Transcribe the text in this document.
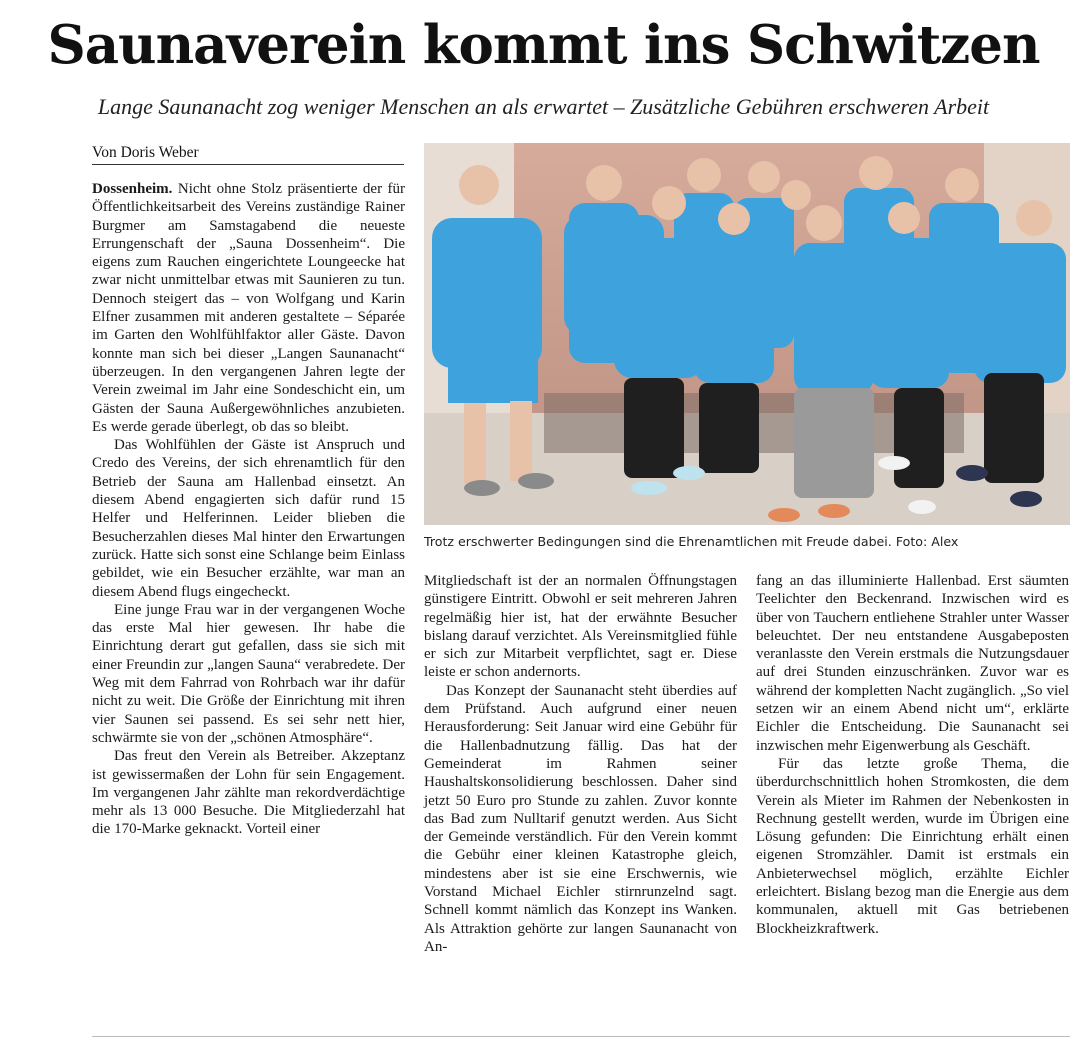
Saunaverein kommt ins Schwitzen

Lange Saunanacht zog weniger Menschen an als erwartet – Zusätzliche Gebühren erschweren Arbeit

Von Doris Weber

Dossenheim. Nicht ohne Stolz präsentierte der für Öffentlichkeitsarbeit des Vereins zuständige Rainer Burgmer am Samstagabend die neueste Errungenschaft der „Sauna Dossenheim“. Die eigens zum Rauchen eingerichtete Loungeecke hat zwar nicht unmittelbar etwas mit Saunieren zu tun. Dennoch steigert das – von Wolfgang und Karin Elfner zusammen mit anderen gestaltete – Séparée im Garten den Wohlfühlfaktor aller Gäste. Davon konnte man sich bei dieser „Langen Saunanacht“ überzeugen. In den vergangenen Jahren legte der Verein zweimal im Jahr eine Sondeschicht ein, um Gästen der Sauna Außergewöhnliches anzubieten. Es werde gerade überlegt, ob das so bleibt.

Das Wohlfühlen der Gäste ist Anspruch und Credo des Vereins, der sich ehrenamtlich für den Betrieb der Sauna am Hallenbad einsetzt. An diesem Abend engagierten sich dafür rund 15 Helfer und Helferinnen. Leider blieben die Besucherzahlen dieses Mal hinter den Erwartungen zurück. Hatte sich sonst eine Schlange beim Einlass gebildet, wie ein Besucher erzählte, war man an diesem Abend flugs eingecheckt.

Eine junge Frau war in der vergangenen Woche das erste Mal hier gewesen. Ihr habe die Einrichtung derart gut gefallen, dass sie sich mit einer Freundin zur „langen Sauna“ verabredete. Der Weg mit dem Fahrrad von Rohrbach war ihr dafür nicht zu weit. Die Größe der Einrichtung mit ihren vier Saunen sei passend. Es sei sehr nett hier, schwärmte sie von der „schönen Atmosphäre“.

Das freut den Verein als Betreiber. Akzeptanz ist gewissermaßen der Lohn für sein Engagement. Im vergangenen Jahr zählte man rekordverdächtige mehr als 13 000 Besuche. Die Mitgliederzahl hat die 170-Marke geknackt. Vorteil einer

Trotz erschwerter Bedingungen sind die Ehrenamtlichen mit Freude dabei. Foto: Alex

Mitgliedschaft ist der an normalen Öffnungstagen günstigere Eintritt. Obwohl er seit mehreren Jahren regelmäßig hier ist, hat der erwähnte Besucher bislang darauf verzichtet. Als Vereinsmitglied fühle er sich zur Mitarbeit verpflichtet, sagt er. Diese leiste er schon andernorts.

Das Konzept der Saunanacht steht überdies auf dem Prüfstand. Auch aufgrund einer neuen Herausforderung: Seit Januar wird eine Gebühr für die Hallenbadnutzung fällig. Das hat der Gemeinderat im Rahmen seiner Haushaltskonsolidierung beschlossen. Daher sind jetzt 50 Euro pro Stunde zu zahlen. Zuvor konnte das Bad zum Nulltarif genutzt werden. Aus Sicht der Gemeinde verständlich. Für den Verein kommt die Gebühr einer kleinen Katastrophe gleich, mindestens aber ist sie eine Erschwernis, wie Vorstand Michael Eichler stirnrunzelnd sagt. Schnell kommt nämlich das Konzept ins Wanken. Als Attraktion gehörte zur langen Saunanacht von An-

fang an das illuminierte Hallenbad. Erst säumten Teelichter den Beckenrand. Inzwischen wird es über von Tauchern entliehene Strahler unter Wasser beleuchtet. Der neu entstandene Ausgabeposten veranlasste den Verein erstmals die Nutzungsdauer auf drei Stunden einzuschränken. Zuvor war es während der kompletten Nacht zugänglich. „So viel setzen wir an einem Abend nicht um“, erklärte Eichler die Entscheidung. Die Saunanacht sei inzwischen mehr Eigenwerbung als Geschäft.

Für das letzte große Thema, die überdurchschnittlich hohen Stromkosten, die dem Verein als Mieter im Rahmen der Nebenkosten in Rechnung gestellt werden, wurde im Übrigen eine Lösung gefunden: Die Einrichtung erhält einen eigenen Stromzähler. Damit ist erstmals ein Anbieterwechsel möglich, erzählte Eichler erleichtert. Bislang bezog man die Energie aus dem kommunalen, aktuell mit Gas betriebenen Blockheizkraftwerk.
